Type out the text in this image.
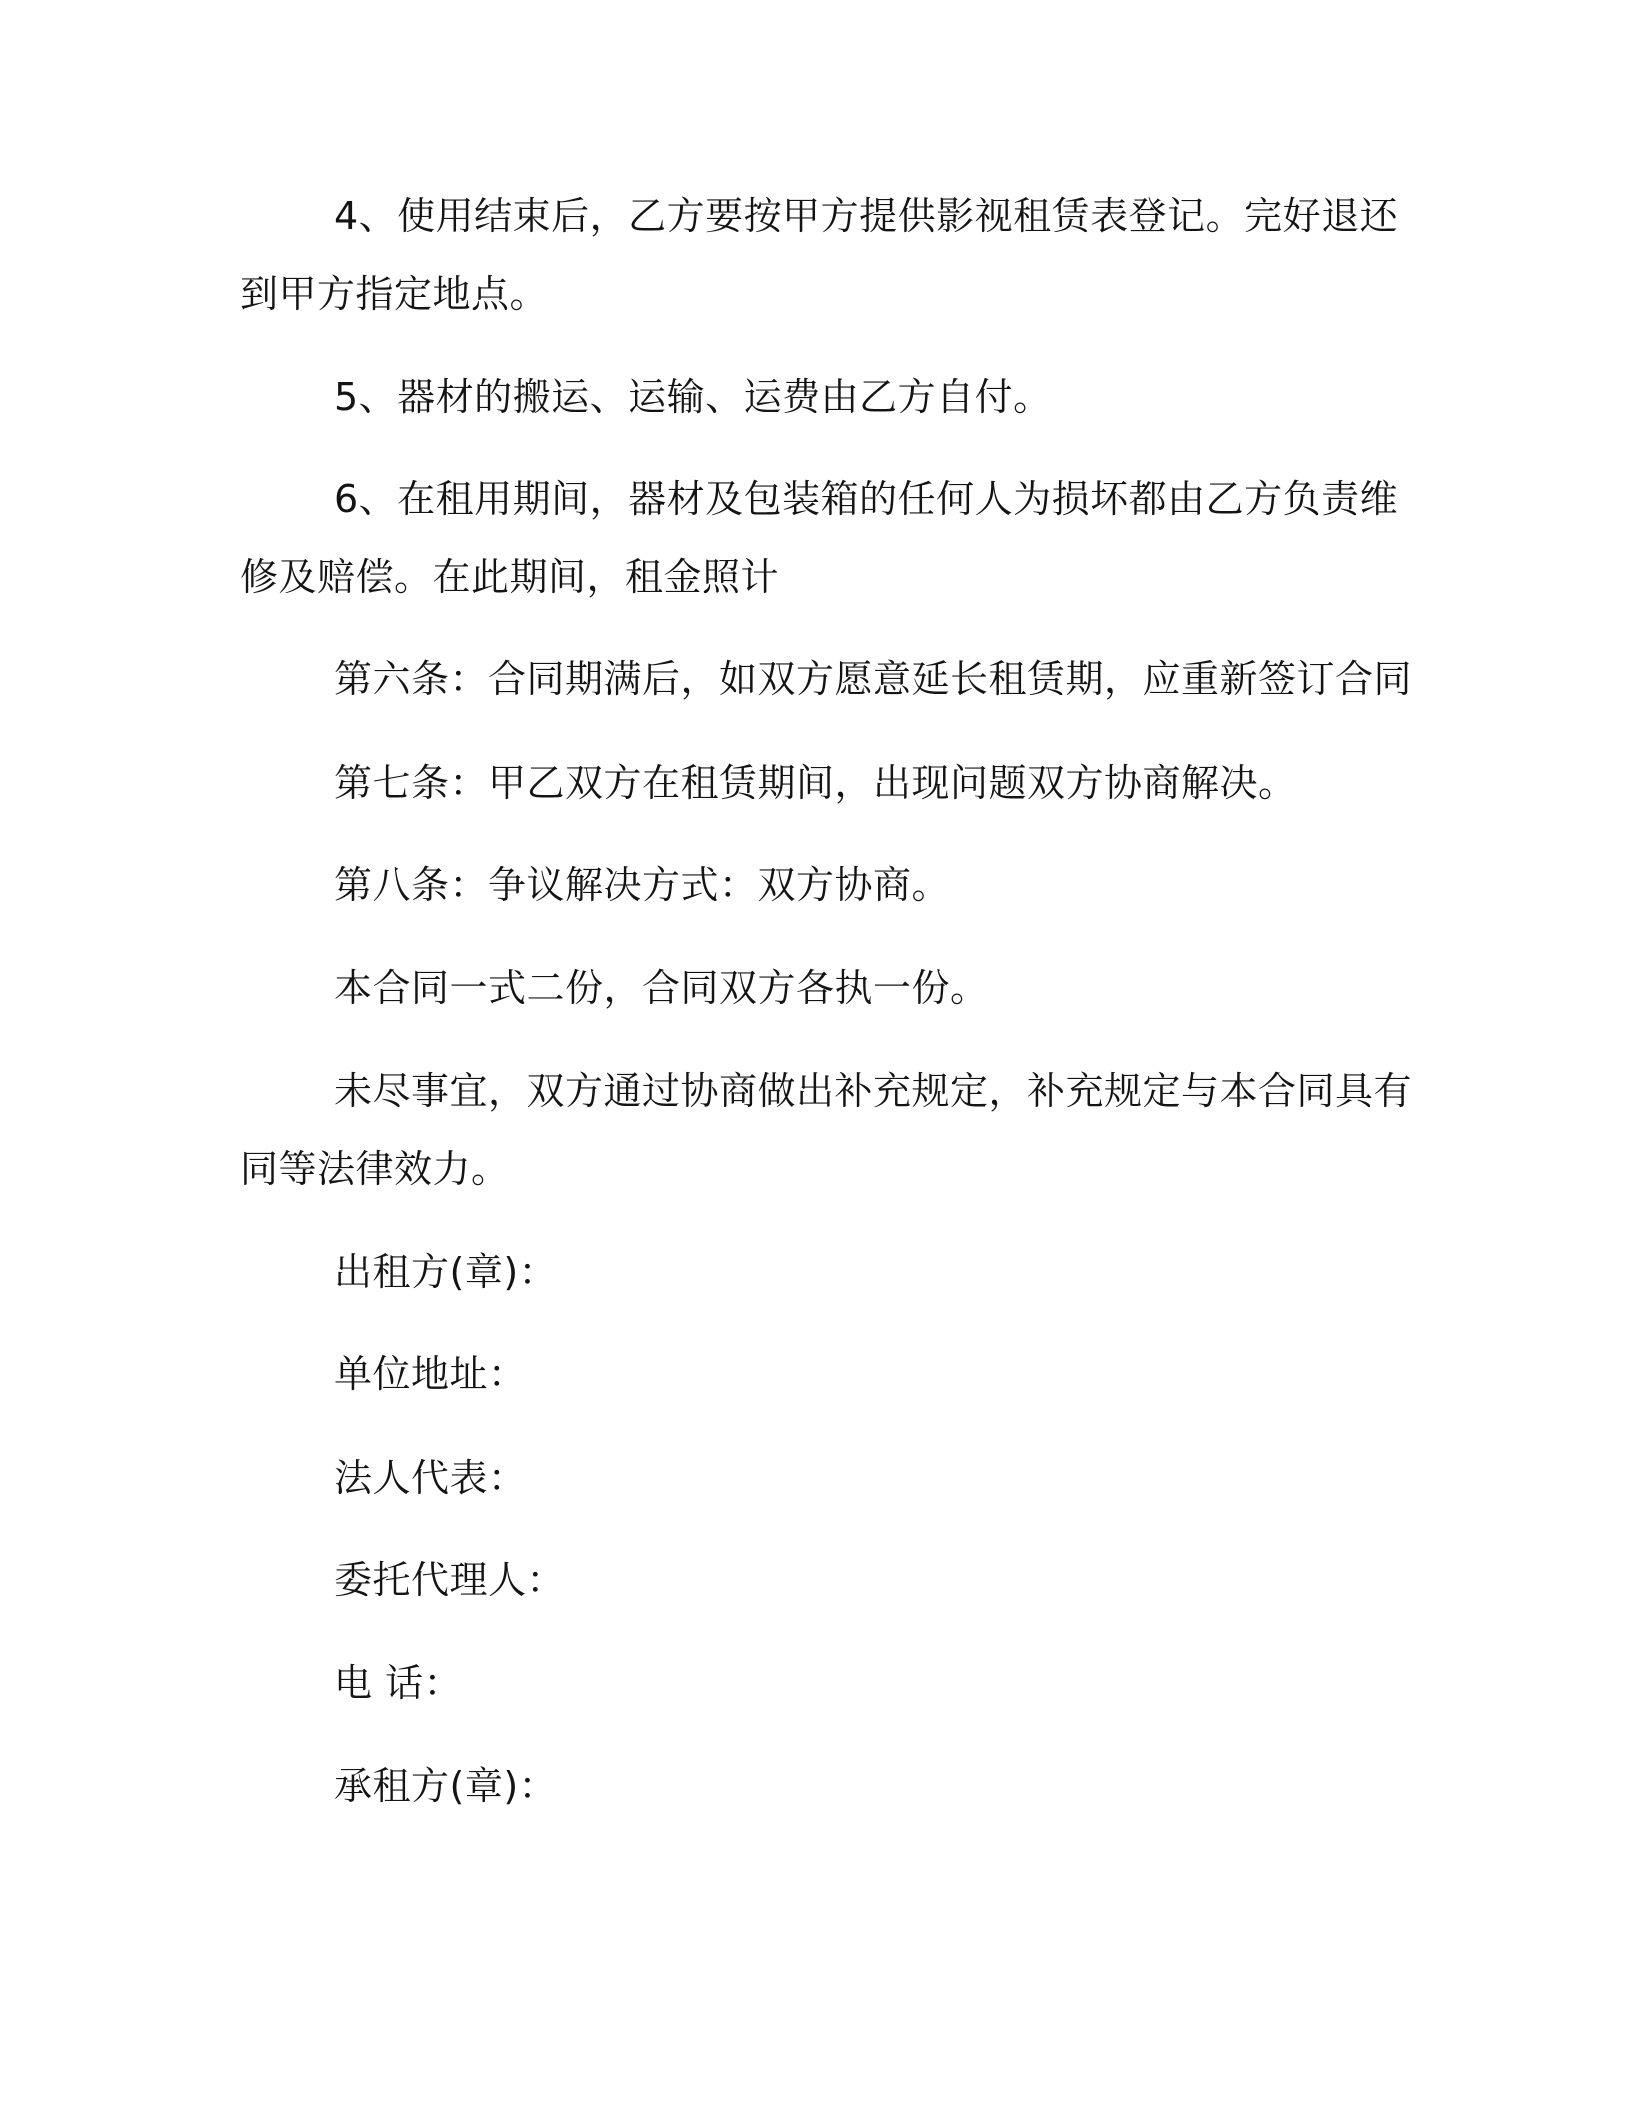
4、使用结束后，乙方要按甲方提供影视租赁表登记。完好退还
到甲方指定地点。
5、器材的搬运、运输、运费由乙方自付。
6、在租用期间，器材及包装箱的任何人为损坏都由乙方负责维
修及赔偿。在此期间，租金照计
第六条：合同期满后，如双方愿意延长租赁期，应重新签订合同
第七条：甲乙双方在租赁期间，出现问题双方协商解决。
第八条：争议解决方式：双方协商。
本合同一式二份，合同双方各执一份。
未尽事宜，双方通过协商做出补充规定，补充规定与本合同具有
同等法律效力。
出租方(章)：
单位地址：
法人代表：
委托代理人：
电 话：
承租方(章)：
